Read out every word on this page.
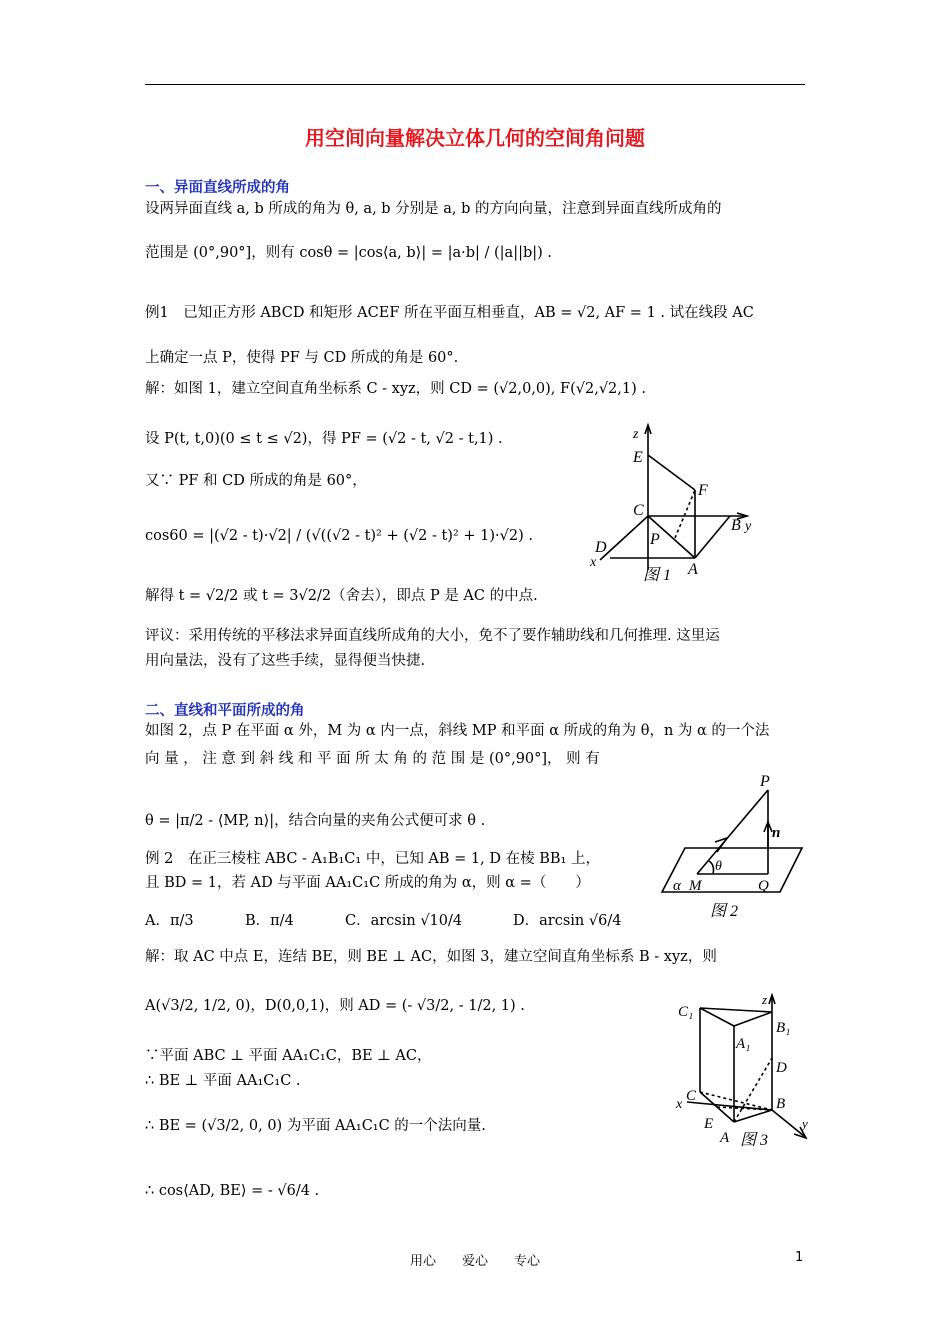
用空间向量解决立体几何的空间角问题
一、异面直线所成的角
设两异面直线 a, b 所成的角为 θ, a, b 分别是 a, b 的方向向量，注意到异面直线所成角的
范围是 (0°,90°]，则有 cosθ = |cos⟨a, b⟩| = |a·b| / (|a||b|) .
例1　已知正方形 ABCD 和矩形 ACEF 所在平面互相垂直，AB = √2, AF = 1 . 试在线段 AC
上确定一点 P，使得 PF 与 CD 所成的角是 60°.
解：如图 1，建立空间直角坐标系 C - xyz，则 CD = (√2,0,0), F(√2,√2,1) .
设 P(t, t,0)(0 ≤ t ≤ √2)，得 PF = (√2 - t, √2 - t,1) .
又∵ PF 和 CD 所成的角是 60°，
cos60 = |(√2 - t)·√2| / (√((√2 - t)² + (√2 - t)² + 1)·√2) .
解得 t = √2/2 或 t = 3√2/2（舍去），即点 P 是 AC 的中点.
评议：采用传统的平移法求异面直线所成角的大小，免不了要作辅助线和几何推理. 这里运
用向量法，没有了这些手续，显得便当快捷.
z
E
F
C
B y
P
D
x	A
图 1
二、直线和平面所成的角
如图 2，点 P 在平面 α 外，M 为 α 内一点，斜线 MP 和平面 α 所成的角为 θ，n 为 α 的一个法
向 量 ， 注 意 到 斜 线 和 平 面 所 太 角 的 范 围 是 (0°,90°]， 则 有
θ = |π/2 - ⟨MP, n⟩|，结合向量的夹角公式便可求 θ .
例 2　在正三棱柱 ABC - A₁B₁C₁ 中，已知 AB = 1, D 在棱 BB₁ 上，
且 BD = 1，若 AD 与平面 AA₁C₁C 所成的角为 α，则 α =（　　）
A．π/3	B．π/4	C．arcsin √10/4	D．arcsin √6/4
解：取 AC 中点 E，连结 BE，则 BE ⊥ AC，如图 3，建立空间直角坐标系 B - xyz，则
A(√3/2, 1/2, 0)，D(0,0,1)，则 AD = (- √3/2, - 1/2, 1) .
∵平面 ABC ⊥ 平面 AA₁C₁C，BE ⊥ AC，
∴ BE ⊥ 平面 AA₁C₁C .
∴ BE = (√3/2, 0, 0) 为平面 AA₁C₁C 的一个法向量.
∴ cos⟨AD, BE⟩ = - √6/4 .
P
n
θ
α M	Q
图 2
C₁
z
B₁
A₁
D
x
C	B
E
A
y
图 3
用心　　爱心　　专心	1
